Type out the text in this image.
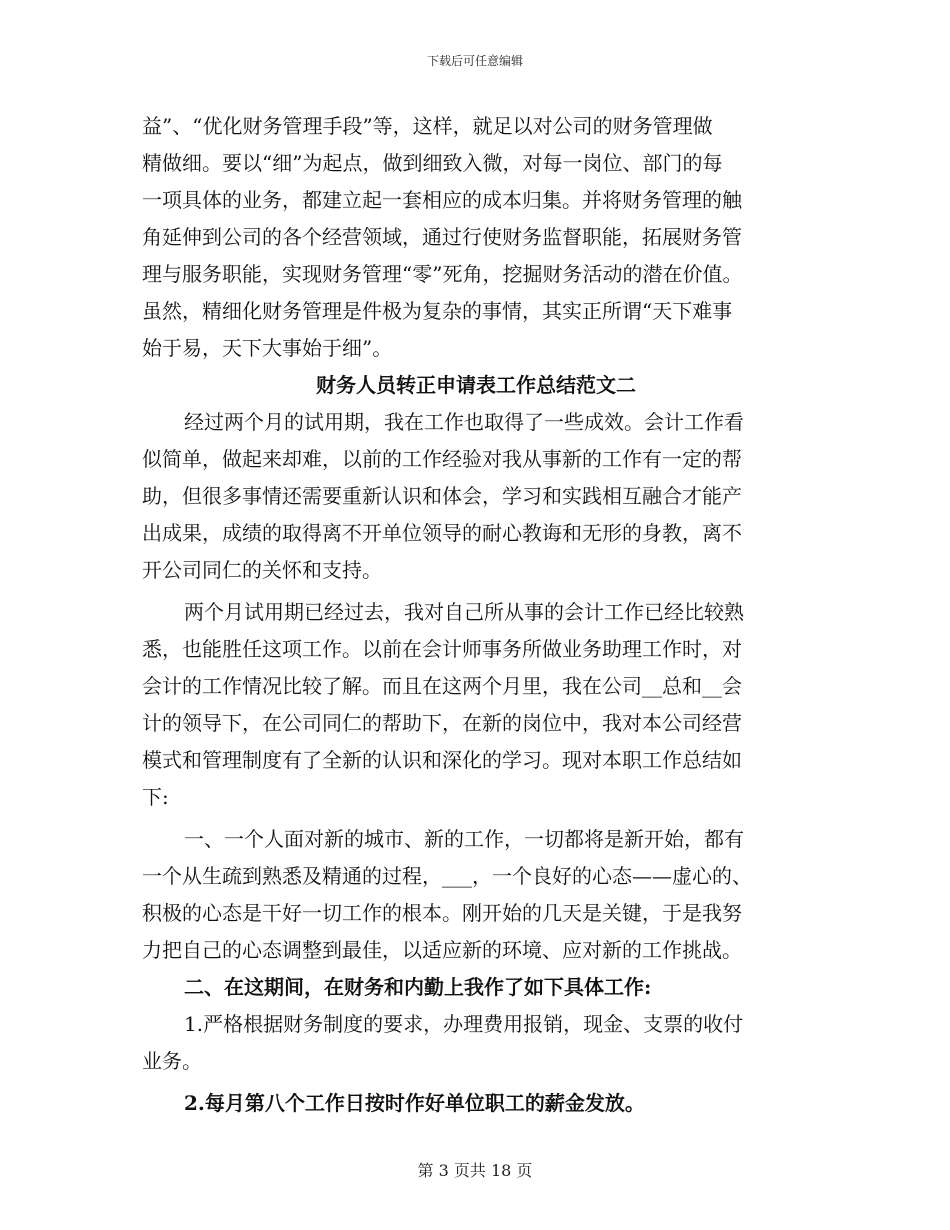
下载后可任意编辑
益”、“优化财务管理手段”等，这样，就足以对公司的财务管理做
精做细。要以“细”为起点，做到细致入微，对每一岗位、部门的每
一项具体的业务，都建立起一套相应的成本归集。并将财务管理的触
角延伸到公司的各个经营领域，通过行使财务监督职能，拓展财务管
理与服务职能，实现财务管理“零”死角，挖掘财务活动的潜在价值。
虽然，精细化财务管理是件极为复杂的事情，其实正所谓“天下难事
始于易，天下大事始于细”。
财务人员转正申请表工作总结范文二
经过两个月的试用期，我在工作也取得了一些成效。会计工作看
似简单，做起来却难，以前的工作经验对我从事新的工作有一定的帮
助，但很多事情还需要重新认识和体会，学习和实践相互融合才能产
出成果，成绩的取得离不开单位领导的耐心教诲和无形的身教，离不
开公司同仁的关怀和支持。
两个月试用期已经过去，我对自己所从事的会计工作已经比较熟
悉，也能胜任这项工作。以前在会计师事务所做业务助理工作时，对
会计的工作情况比较了解。而且在这两个月里，我在公司__总和__会
计的领导下，在公司同仁的帮助下，在新的岗位中，我对本公司经营
模式和管理制度有了全新的认识和深化的学习。现对本职工作总结如
下:
一、一个人面对新的城市、新的工作，一切都将是新开始，都有
一个从生疏到熟悉及精通的过程，___，一个良好的心态——虚心的、
积极的心态是干好一切工作的根本。刚开始的几天是关键，于是我努
力把自己的心态调整到最佳，以适应新的环境、应对新的工作挑战。
二、在这期间，在财务和内勤上我作了如下具体工作:
1.严格根据财务制度的要求，办理费用报销，现金、支票的收付
业务。
2.每月第八个工作日按时作好单位职工的薪金发放。
第 3 页共 18 页
